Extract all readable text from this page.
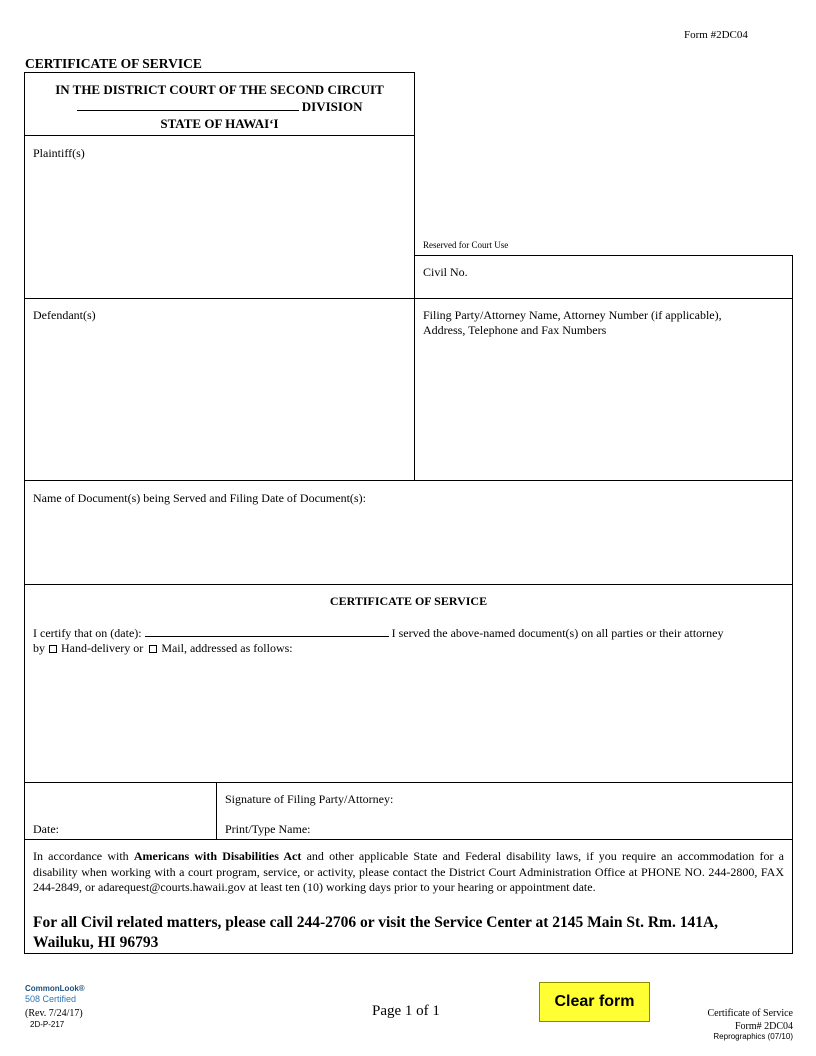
Form #2DC04
CERTIFICATE OF SERVICE
IN THE DISTRICT COURT OF THE SECOND CIRCUIT
DIVISION
STATE OF HAWAI‘I
Plaintiff(s)
Reserved for Court Use
Civil No.
Defendant(s)	Filing Party/Attorney Name, Attorney Number (if applicable),
Address, Telephone and Fax Numbers
Name of Document(s) being Served and Filing Date of Document(s):
CERTIFICATE OF SERVICE
I certify that on (date):	I served the above-named document(s) on all parties or their attorney
by Hand-delivery or Mail, addressed as follows:
Date:
Signature of Filing Party/Attorney:
Print/Type Name:
In accordance with Americans with Disabilities Act and other applicable State and Federal disability laws, if you require an accommodation for a disability when working with a court program, service, or activity, please contact the District Court Administration Office at PHONE NO. 244-2800, FAX 244-2849, or adarequest@courts.hawaii.gov at least ten (10) working days prior to your hearing or appointment date.
For all Civil related matters, please call 244-2706 or visit the Service Center at 2145 Main St. Rm. 141A, Wailuku, HI 96793
CommonLook®
508 Certified
(Rev. 7/24/17)
2D-P-217
Page 1 of 1
Clear form
Certificate of Service
Form# 2DC04
Reprographics (07/10)
